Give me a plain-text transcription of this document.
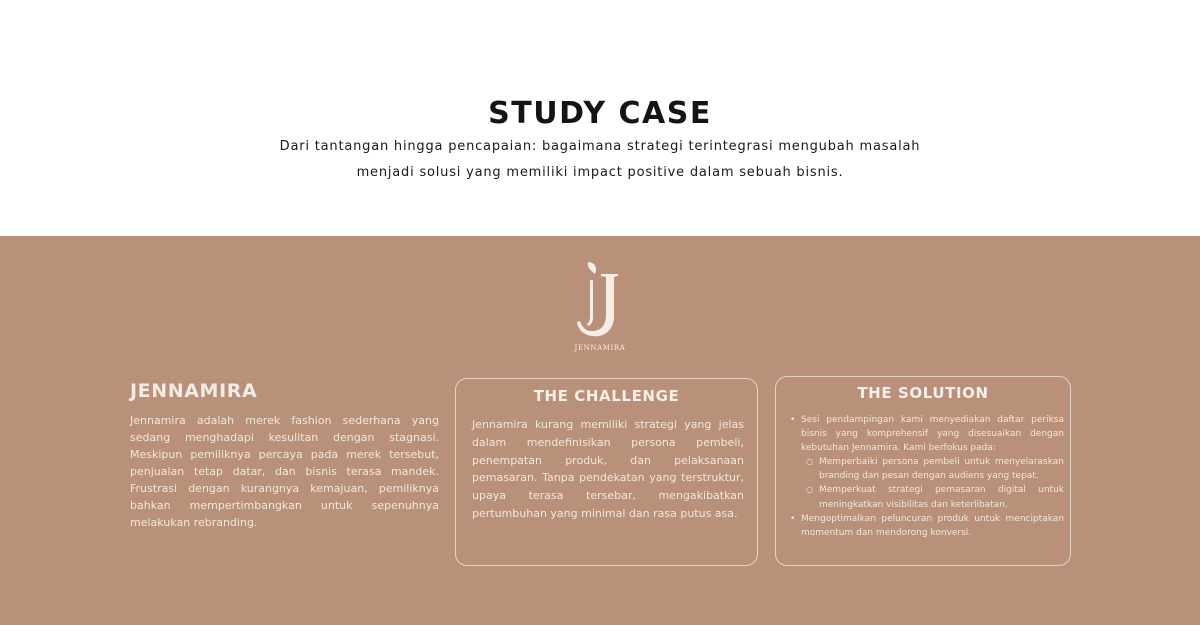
STUDY CASE

Dari tantangan hingga pencapaian: bagaimana strategi terintegrasi mengubah masalah
menjadi solusi yang memiliki impact positive dalam sebuah bisnis.

JENNAMIRA
JENNAMIRA

Jennamira adalah merek fashion sederhana yang sedang menghadapi kesulitan dengan stagnasi. Meskipun pemiliknya percaya pada merek tersebut, penjualan tetap datar, dan bisnis terasa mandek. Frustrasi dengan kurangnya kemajuan, pemiliknya bahkan mempertimbangkan untuk sepenuhnya melakukan rebranding.

THE CHALLENGE

Jennamira kurang memiliki strategi yang jelas dalam mendefinisikan persona pembeli, penempatan produk, dan pelaksanaan pemasaran. Tanpa pendekatan yang terstruktur, upaya terasa tersebar, mengakibatkan pertumbuhan yang minimal dan rasa putus asa.

THE SOLUTION
• Sesi pendampingan kami menyediakan daftar periksa bisnis yang komprehensif yang disesuaikan dengan kebutuhan Jennamira. Kami berfokus pada:
○ Memperbaiki persona pembeli untuk menyelaraskan branding dan pesan dengan audiens yang tepat.
○ Memperkuat strategi pemasaran digital untuk meningkatkan visibilitas dan keterlibatan.
• Mengoptimalkan peluncuran produk untuk menciptakan momentum dan mendorong konversi.
